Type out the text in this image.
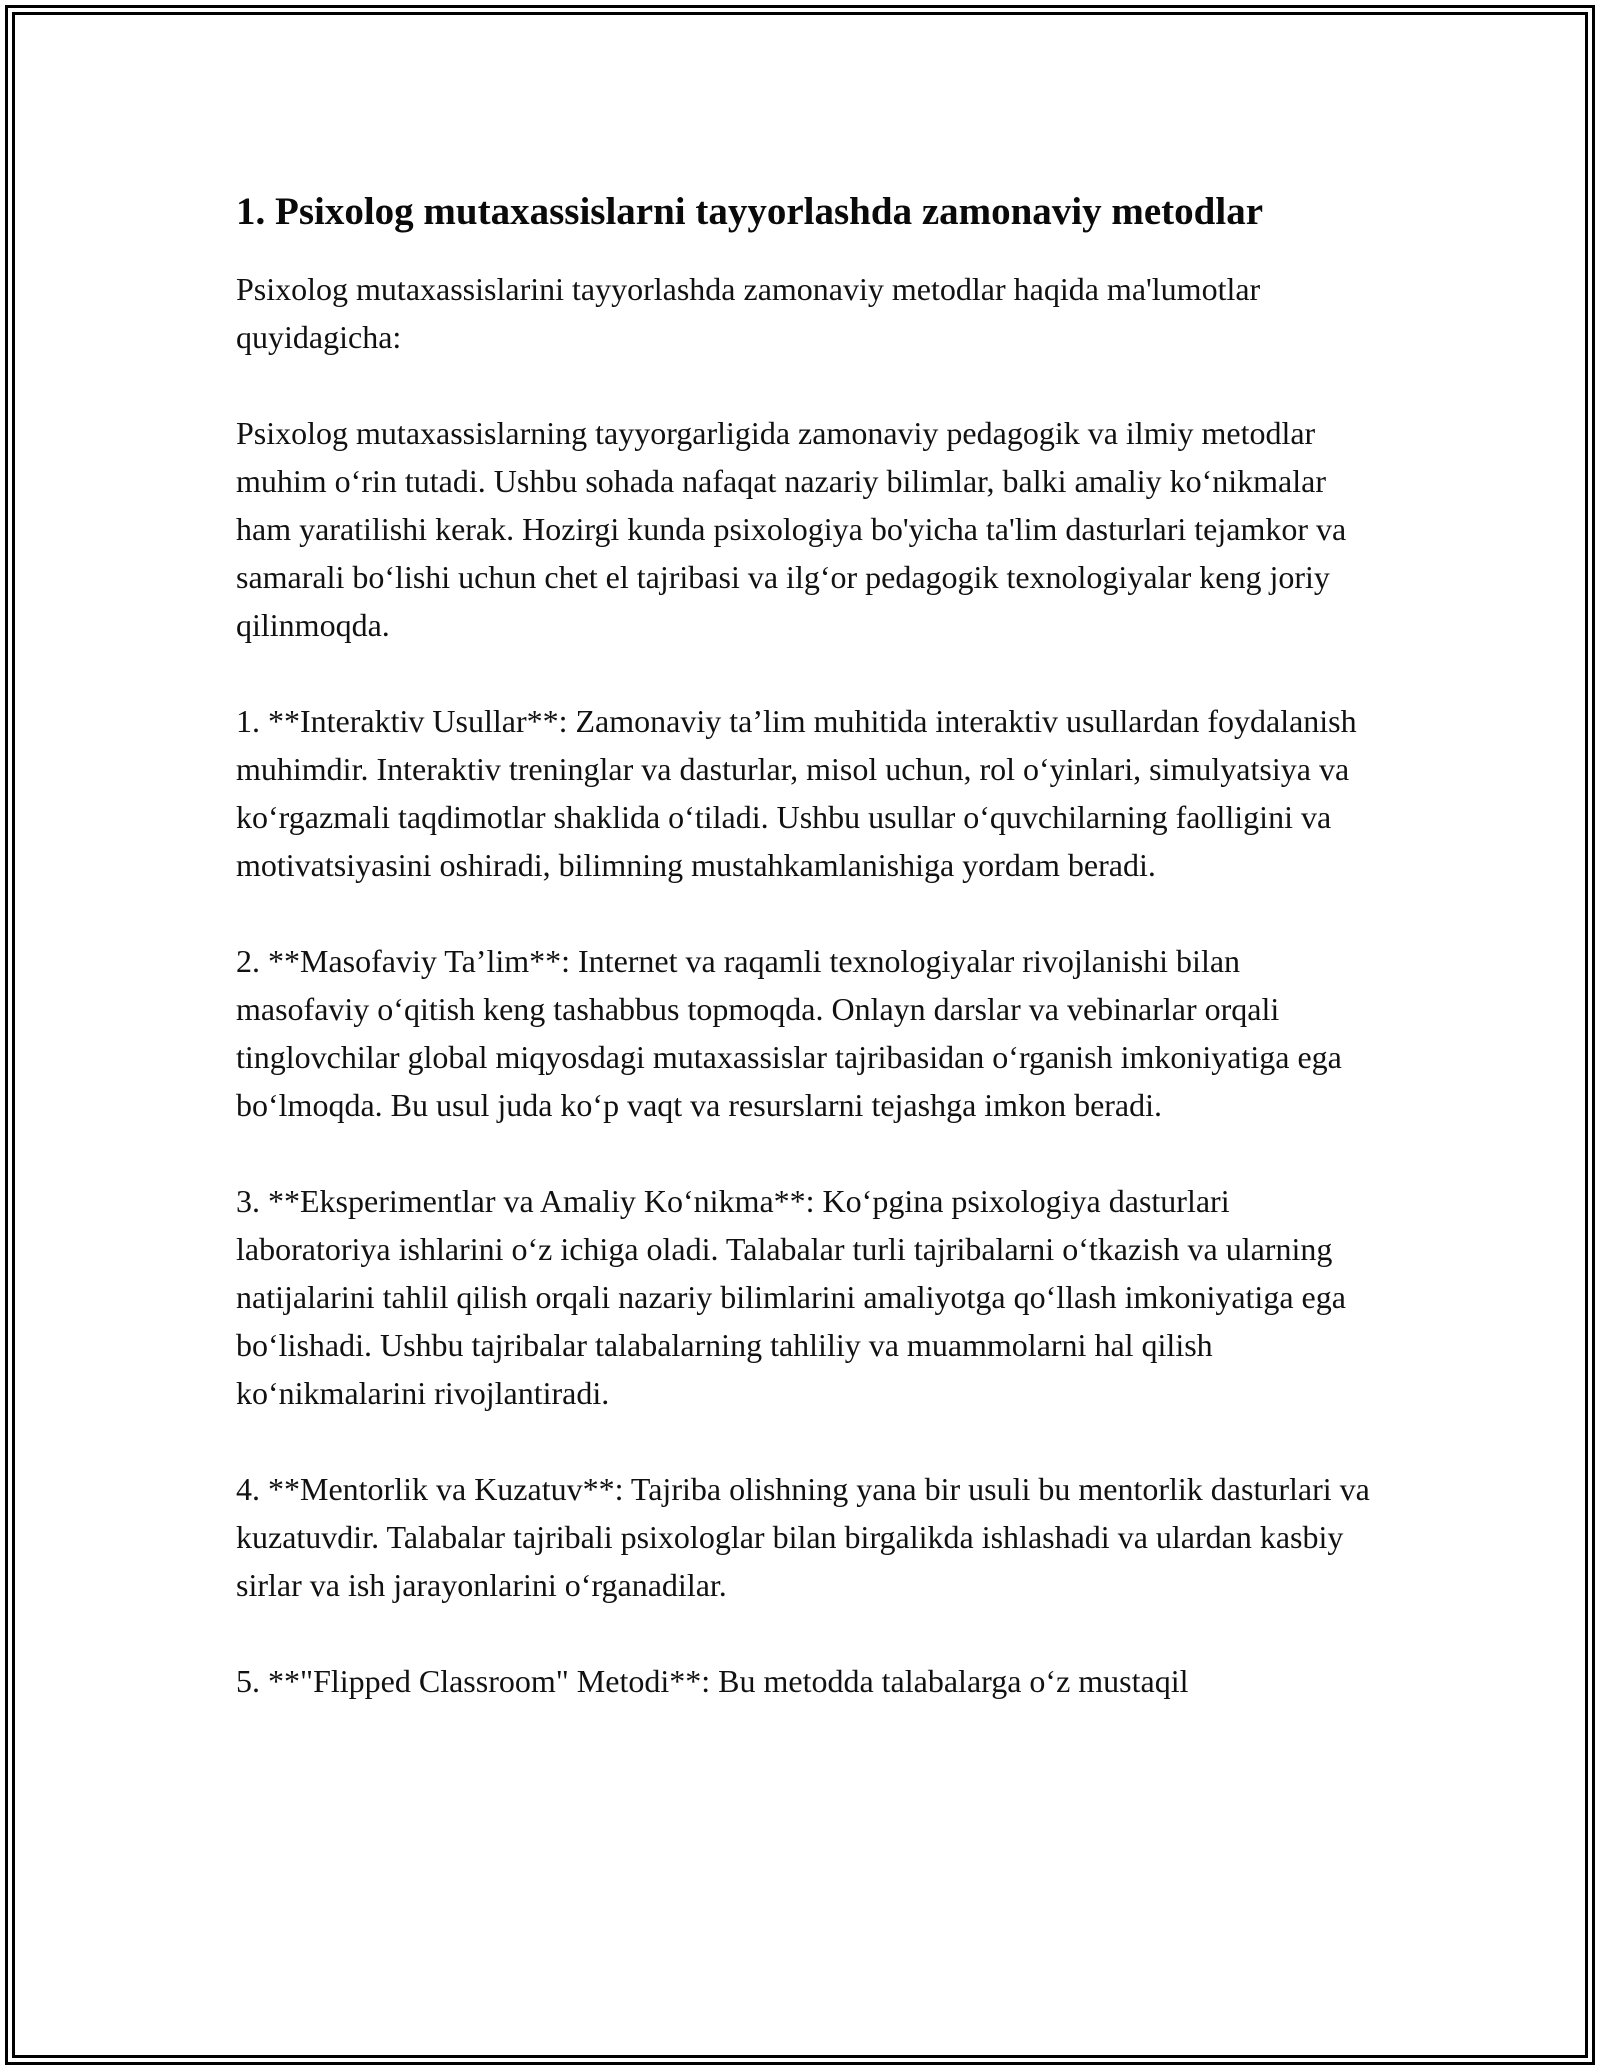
1. Psixolog mutaxassislarni tayyorlashda zamonaviy metodlar

Psixolog mutaxassislarini tayyorlashda zamonaviy metodlar haqida ma'lumotlar quyidagicha:

Psixolog mutaxassislarning tayyorgarligida zamonaviy pedagogik va ilmiy metodlar muhim o‘rin tutadi. Ushbu sohada nafaqat nazariy bilimlar, balki amaliy ko‘nikmalar ham yaratilishi kerak. Hozirgi kunda psixologiya bo'yicha ta'lim dasturlari tejamkor va samarali bo‘lishi uchun chet el tajribasi va ilg‘or pedagogik texnologiyalar keng joriy qilinmoqda.

1. **Interaktiv Usullar**: Zamonaviy ta’lim muhitida interaktiv usullardan foydalanish muhimdir. Interaktiv treninglar va dasturlar, misol uchun, rol o‘yinlari, simulyatsiya va ko‘rgazmali taqdimotlar shaklida o‘tiladi. Ushbu usullar o‘quvchilarning faolligini va motivatsiyasini oshiradi, bilimning mustahkamlanishiga yordam beradi.

2. **Masofaviy Ta’lim**: Internet va raqamli texnologiyalar rivojlanishi bilan masofaviy o‘qitish keng tashabbus topmoqda. Onlayn darslar va vebinarlar orqali tinglovchilar global miqyosdagi mutaxassislar tajribasidan o‘rganish imkoniyatiga ega bo‘lmoqda. Bu usul juda ko‘p vaqt va resurslarni tejashga imkon beradi.

3. **Eksperimentlar va Amaliy Ko‘nikma**: Ko‘pgina psixologiya dasturlari laboratoriya ishlarini o‘z ichiga oladi. Talabalar turli tajribalarni o‘tkazish va ularning natijalarini tahlil qilish orqali nazariy bilimlarini amaliyotga qo‘llash imkoniyatiga ega bo‘lishadi. Ushbu tajribalar talabalarning tahliliy va muammolarni hal qilish ko‘nikmalarini rivojlantiradi.

4. **Mentorlik va Kuzatuv**: Tajriba olishning yana bir usuli bu mentorlik dasturlari va kuzatuvdir. Talabalar tajribali psixologlar bilan birgalikda ishlashadi va ulardan kasbiy sirlar va ish jarayonlarini o‘rganadilar.

5. **"Flipped Classroom" Metodi**: Bu metodda talabalarga o‘z mustaqil
